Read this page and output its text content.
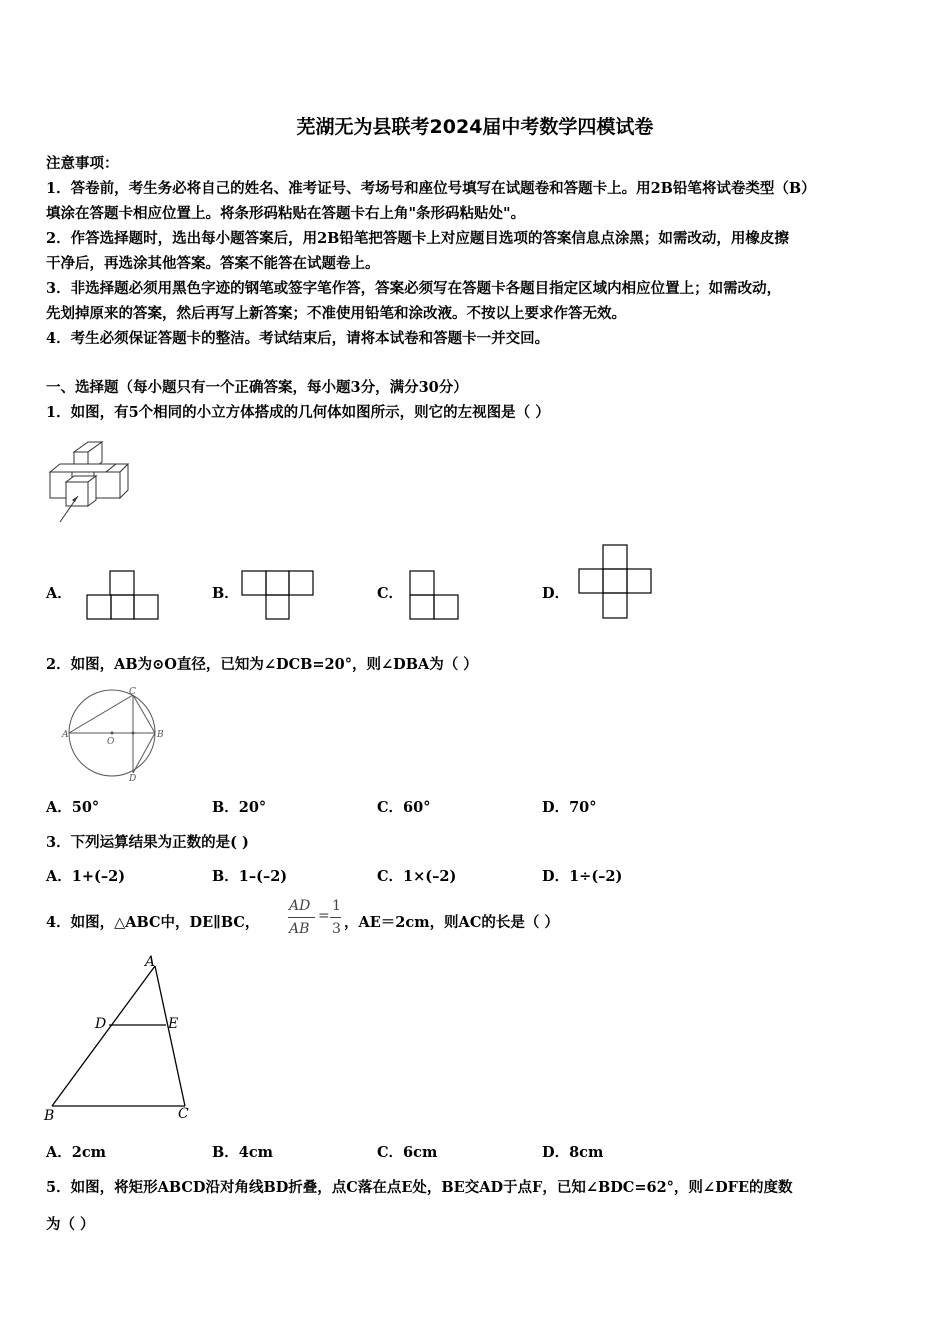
芜湖无为县联考2024届中考数学四模试卷
注意事项：
1．答卷前，考生务必将自己的姓名、准考证号、考场号和座位号填写在试题卷和答题卡上。用2B铅笔将试卷类型（B）
填涂在答题卡相应位置上。将条形码粘贴在答题卡右上角"条形码粘贴处"。
2．作答选择题时，选出每小题答案后，用2B铅笔把答题卡上对应题目选项的答案信息点涂黑；如需改动，用橡皮擦
干净后，再选涂其他答案。答案不能答在试题卷上。
3．非选择题必须用黑色字迹的钢笔或签字笔作答，答案必须写在答题卡各题目指定区域内相应位置上；如需改动，
先划掉原来的答案，然后再写上新答案；不准使用铅笔和涂改液。不按以上要求作答无效。
4．考生必须保证答题卡的整洁。考试结束后，请将本试卷和答题卡一并交回。
一、选择题（每小题只有一个正确答案，每小题3分，满分30分）
1．如图，有5个相同的小立方体搭成的几何体如图所示，则它的左视图是（ ）
A．	B．	C．	D．
2．如图，AB为⊙O直径，已知为∠DCB=20°，则∠DBA为（ ）
A	B
C
D
O
A．50°	B．20°	C．60°	D．70°
3．下列运算结果为正数的是( )
A．1+(–2)	B．1–(–2)	C．1×(–2)	D．1÷(–2)
4．如图，△ABC中，DE∥BC，
AD
AB
=
1
3 ，AE＝2cm，则AC的长是（ ）
A
D	E
B	C
A．2cm	B．4cm	C．6cm	D．8cm
5．如图，将矩形ABCD沿对角线BD折叠，点C落在点E处，BE交AD于点F，已知∠BDC=62°，则∠DFE的度数
为（ ）
